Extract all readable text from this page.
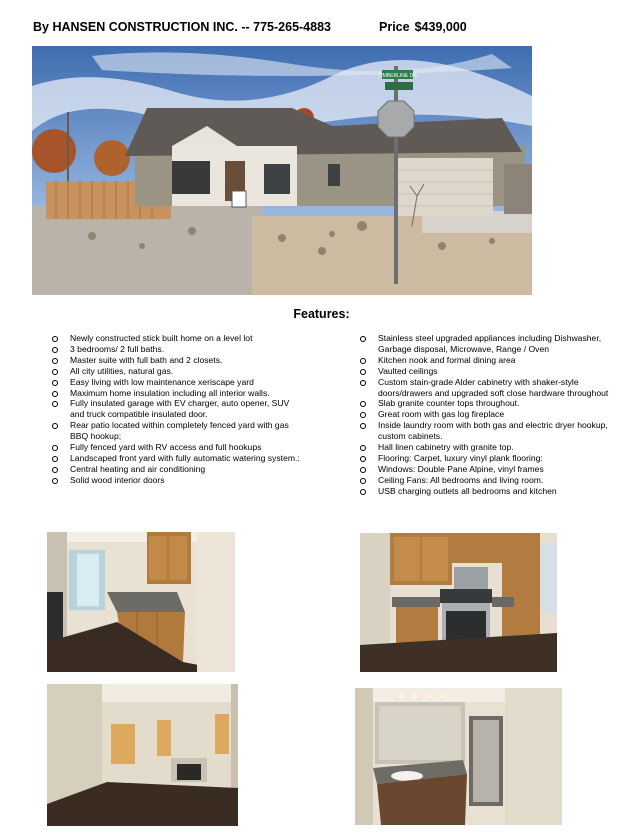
By HANSEN CONSTRUCTION INC. -- 775-265-4883	Price $439,000
TIMBERLINE DR
Features:
Newly constructed stick built home on a level lot
3 bedrooms/ 2 full baths.
Master suite with full bath and 2 closets.
All city utilities, natural gas.
Easy living with low maintenance xeriscape yard
Maximum home insulation including all interior walls.
Fully insulated garage with EV charger, auto opener, SUV and truck compatible insulated door.
Rear patio located within completely fenced yard with gas BBQ hookup;
Fully fenced yard with RV access and full hookups
Landscaped front yard with fully automatic watering system.:
Central heating and air conditioning
Solid wood interior doors
Stainless steel upgraded appliances including Dishwasher, Garbage disposal, Microwave, Range / Oven
Kitchen nook and formal dining area
Vaulted ceilings
Custom stain-grade Alder cabinetry with shaker-style doors/drawers and upgraded soft close hardware throughout
Slab granite counter tops throughout.
Great room with gas log fireplace
Inside laundry room with both gas and electric dryer hookup, custom cabinets.
Hall linen cabinetry with granite top.
Flooring: Carpet, luxury vinyl plank flooring:
Windows: Double Pane Alpine, vinyl frames
Ceiling Fans: All bedrooms and living room.
USB charging outlets all bedrooms and kitchen
